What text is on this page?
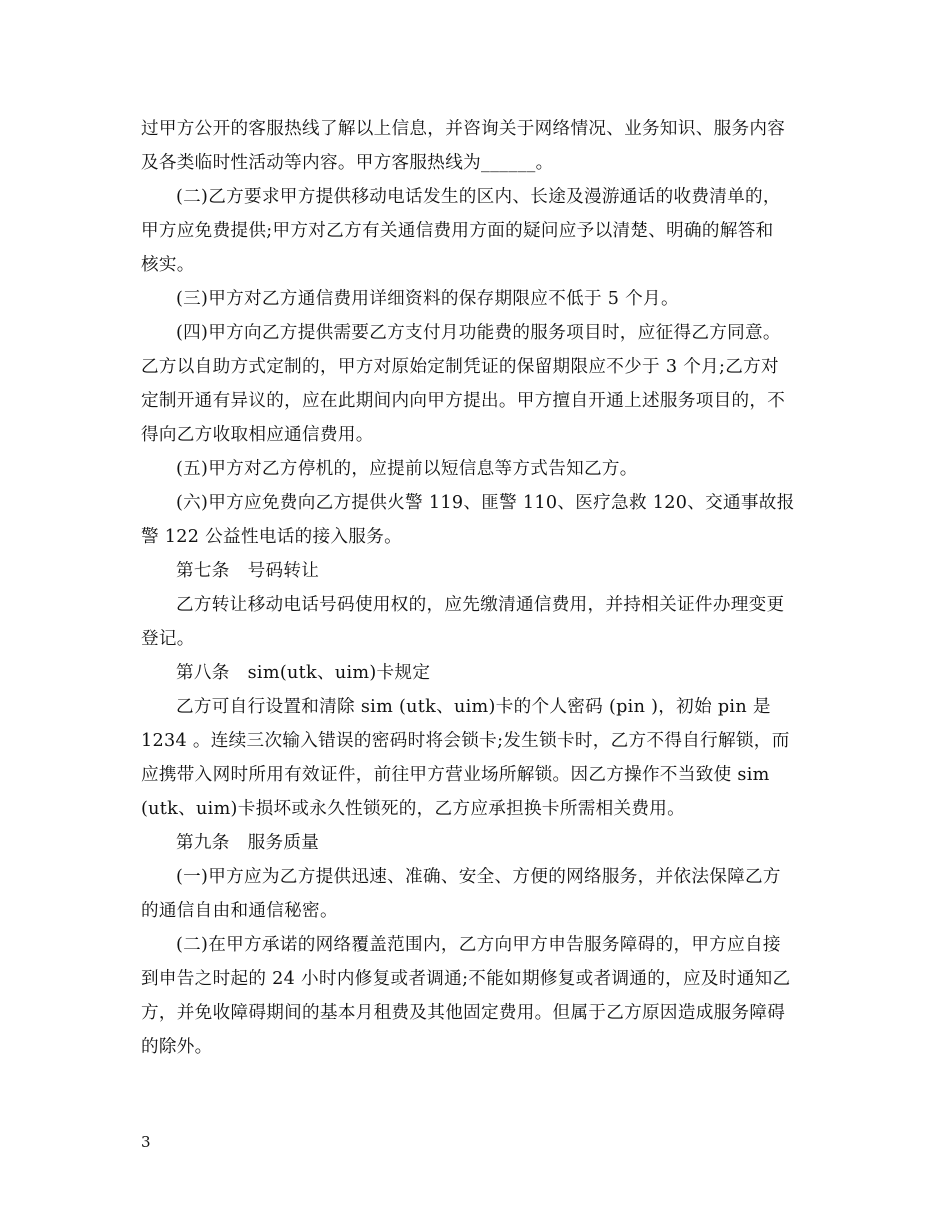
过甲方公开的客服热线了解以上信息，并咨询关于网络情况、业务知识、服务内容
及各类临时性活动等内容。甲方客服热线为______。
(二)乙方要求甲方提供移动电话发生的区内、长途及漫游通话的收费清单的，
甲方应免费提供;甲方对乙方有关通信费用方面的疑问应予以清楚、明确的解答和
核实。
(三)甲方对乙方通信费用详细资料的保存期限应不低于 5 个月。
(四)甲方向乙方提供需要乙方支付月功能费的服务项目时，应征得乙方同意。
乙方以自助方式定制的，甲方对原始定制凭证的保留期限应不少于 3 个月;乙方对
定制开通有异议的，应在此期间内向甲方提出。甲方擅自开通上述服务项目的，不
得向乙方收取相应通信费用。
(五)甲方对乙方停机的，应提前以短信息等方式告知乙方。
(六)甲方应免费向乙方提供火警 119、匪警 110、医疗急救 120、交通事故报
警 122 公益性电话的接入服务。
第七条　号码转让
乙方转让移动电话号码使用权的，应先缴清通信费用，并持相关证件办理变更
登记。
第八条　sim(utk、uim)卡规定
乙方可自行设置和清除 sim (utk、uim)卡的个人密码 (pin )，初始 pin 是
1234 。连续三次输入错误的密码时将会锁卡;发生锁卡时，乙方不得自行解锁，而
应携带入网时所用有效证件，前往甲方营业场所解锁。因乙方操作不当致使 sim
(utk、uim)卡损坏或永久性锁死的，乙方应承担换卡所需相关费用。
第九条　服务质量
(一)甲方应为乙方提供迅速、准确、安全、方便的网络服务，并依法保障乙方
的通信自由和通信秘密。
(二)在甲方承诺的网络覆盖范围内，乙方向甲方申告服务障碍的，甲方应自接
到申告之时起的 24 小时内修复或者调通;不能如期修复或者调通的，应及时通知乙
方，并免收障碍期间的基本月租费及其他固定费用。但属于乙方原因造成服务障碍
的除外。
3
